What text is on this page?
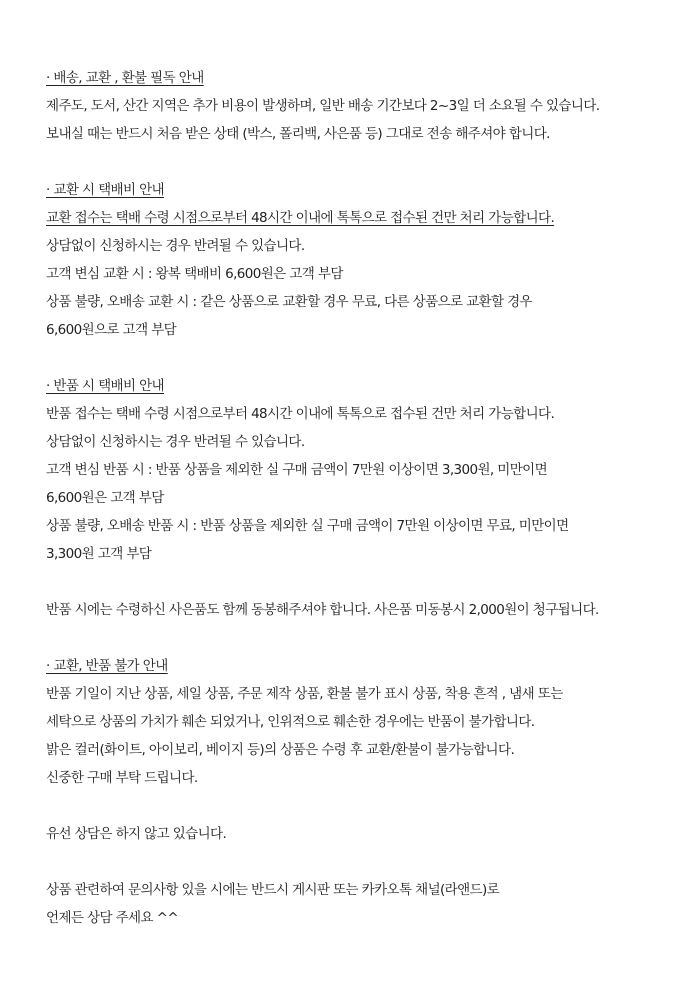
· 배송, 교환 , 환불 필독 안내
제주도, 도서, 산간 지역은 추가 비용이 발생하며, 일반 배송 기간보다 2~3일 더 소요될 수 있습니다.
보내실 때는 반드시 처음 받은 상태 (박스, 폴리백, 사은품 등) 그대로 전송 해주셔야 합니다.
· 교환 시 택배비 안내
교환 접수는 택배 수령 시점으로부터 48시간 이내에 톡톡으로 접수된 건만 처리 가능합니다.
상담없이 신청하시는 경우 반려될 수 있습니다.
고객 변심 교환 시 : 왕복 택배비 6,600원은 고객 부담
상품 불량, 오배송 교환 시 : 같은 상품으로 교환할 경우 무료, 다른 상품으로 교환할 경우
6,600원으로 고객 부담
· 반품 시 택배비 안내
반품 접수는 택배 수령 시점으로부터 48시간 이내에 톡톡으로 접수된 건만 처리 가능합니다.
상담없이 신청하시는 경우 반려될 수 있습니다.
고객 변심 반품 시 : 반품 상품을 제외한 실 구매 금액이 7만원 이상이면 3,300원, 미만이면
6,600원은 고객 부담
상품 불량, 오배송 반품 시 : 반품 상품을 제외한 실 구매 금액이 7만원 이상이면 무료, 미만이면
3,300원 고객 부담
반품 시에는 수령하신 사은품도 함께 동봉해주셔야 합니다. 사은품 미동봉시 2,000원이 청구됩니다.
· 교환, 반품 불가 안내
반품 기일이 지난 상품, 세일 상품, 주문 제작 상품, 환불 불가 표시 상품, 착용 흔적 , 냄새 또는
세탁으로 상품의 가치가 훼손 되었거나, 인위적으로 훼손한 경우에는 반품이 불가합니다.
밝은 컬러(화이트, 아이보리, 베이지 등)의 상품은 수령 후 교환/환불이 불가능합니다.
신중한 구매 부탁 드립니다.
유선 상담은 하지 않고 있습니다.
상품 관련하여 문의사항 있을 시에는 반드시 게시판 또는 카카오톡 채널(라앤드)로
언제든 상담 주세요 ^^
